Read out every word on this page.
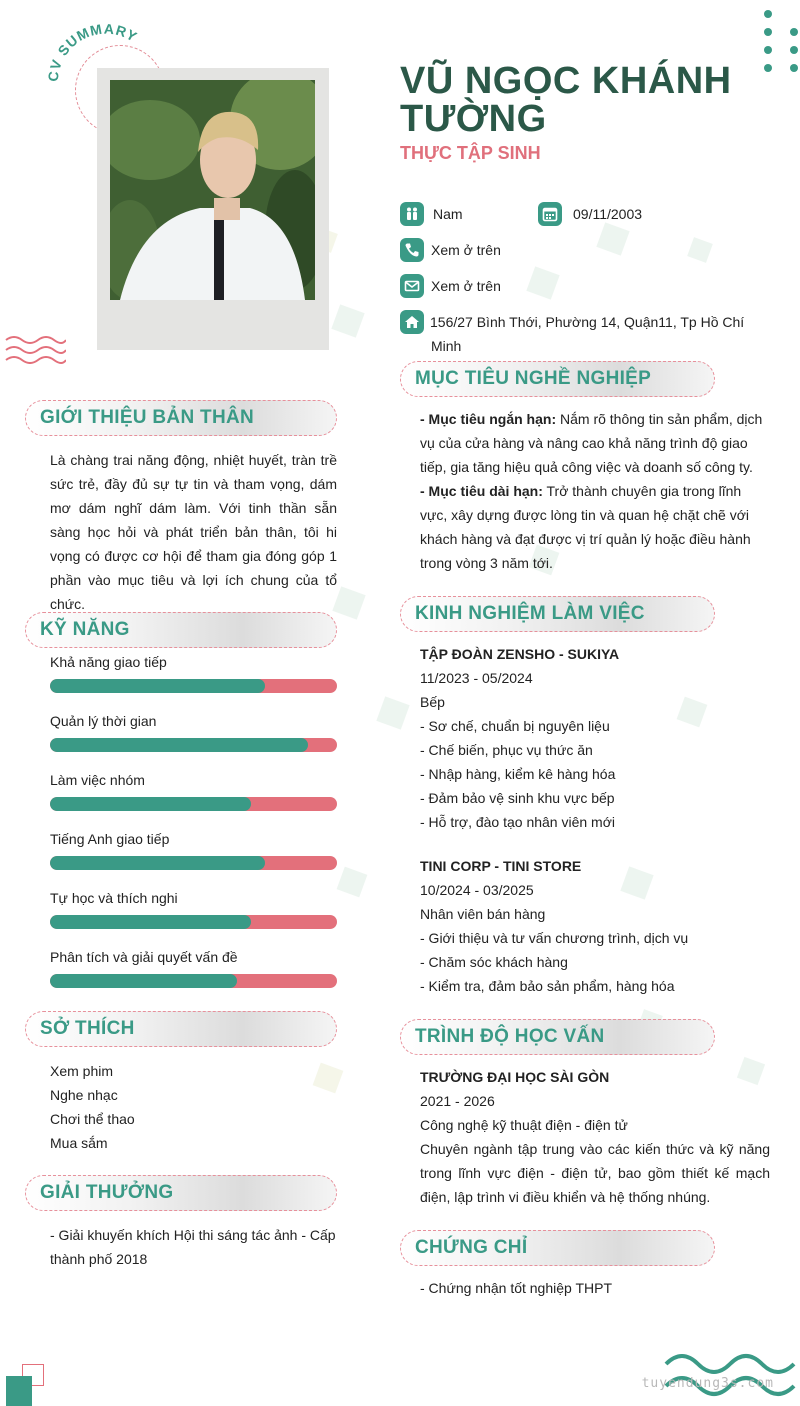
CV SUMMARY
VŨ NGỌC KHÁNH TƯỜNG
THỰC TẬP SINH
Nam	09/11/2003
Xem ở trên
Xem ở trên
156/27 Bình Thới, Phường 14, Quận11, Tp Hồ Chí Minh
GIỚI THIỆU BẢN THÂN
Là chàng trai năng động, nhiệt huyết, tràn trề sức trẻ, đầy đủ sự tự tin và tham vọng, dám mơ dám nghĩ dám làm. Với tinh thần sẵn sàng học hỏi và phát triển bản thân, tôi hi vọng có được cơ hội để tham gia đóng góp 1 phần vào mục tiêu và lợi ích chung của tổ chức.
KỸ NĂNG
Khả năng giao tiếp
Quản lý thời gian
Làm việc nhóm
Tiếng Anh giao tiếp
Tự học và thích nghi
Phân tích và giải quyết vấn đề
SỞ THÍCH
Xem phim
Nghe nhạc
Chơi thể thao
Mua sắm
GIẢI THƯỞNG
- Giải khuyến khích Hội thi sáng tác ảnh - Cấp thành phố 2018
MỤC TIÊU NGHỀ NGHIỆP
- Mục tiêu ngắn hạn: Nắm rõ thông tin sản phẩm, dịch vụ của cửa hàng và nâng cao khả năng trình độ giao tiếp, gia tăng hiệu quả công việc và doanh số công ty.
- Mục tiêu dài hạn: Trở thành chuyên gia trong lĩnh vực, xây dựng được lòng tin và quan hệ chặt chẽ với khách hàng và đạt được vị trí quản lý hoặc điều hành trong vòng 3 năm tới.
KINH NGHIỆM LÀM VIỆC
TẬP ĐOÀN ZENSHO - SUKIYA
11/2023 - 05/2024
Bếp
- Sơ chế, chuẩn bị nguyên liệu
- Chế biến, phục vụ thức ăn
- Nhập hàng, kiểm kê hàng hóa
- Đảm bảo vệ sinh khu vực bếp
- Hỗ trợ, đào tạo nhân viên mới
TINI CORP - TINI STORE
10/2024 - 03/2025
Nhân viên bán hàng
- Giới thiệu và tư vấn chương trình, dịch vụ
- Chăm sóc khách hàng
- Kiểm tra, đảm bảo sản phẩm, hàng hóa
TRÌNH ĐỘ HỌC VẤN
TRƯỜNG ĐẠI HỌC SÀI GÒN
2021 - 2026
Công nghệ kỹ thuật điện - điện tử
Chuyên ngành tập trung vào các kiến thức và kỹ năng trong lĩnh vực điện - điện tử, bao gồm thiết kế mạch điện, lập trình vi điều khiển và hệ thống nhúng.
CHỨNG CHỈ
- Chứng nhận tốt nghiệp THPT
tuyendung3s.com
